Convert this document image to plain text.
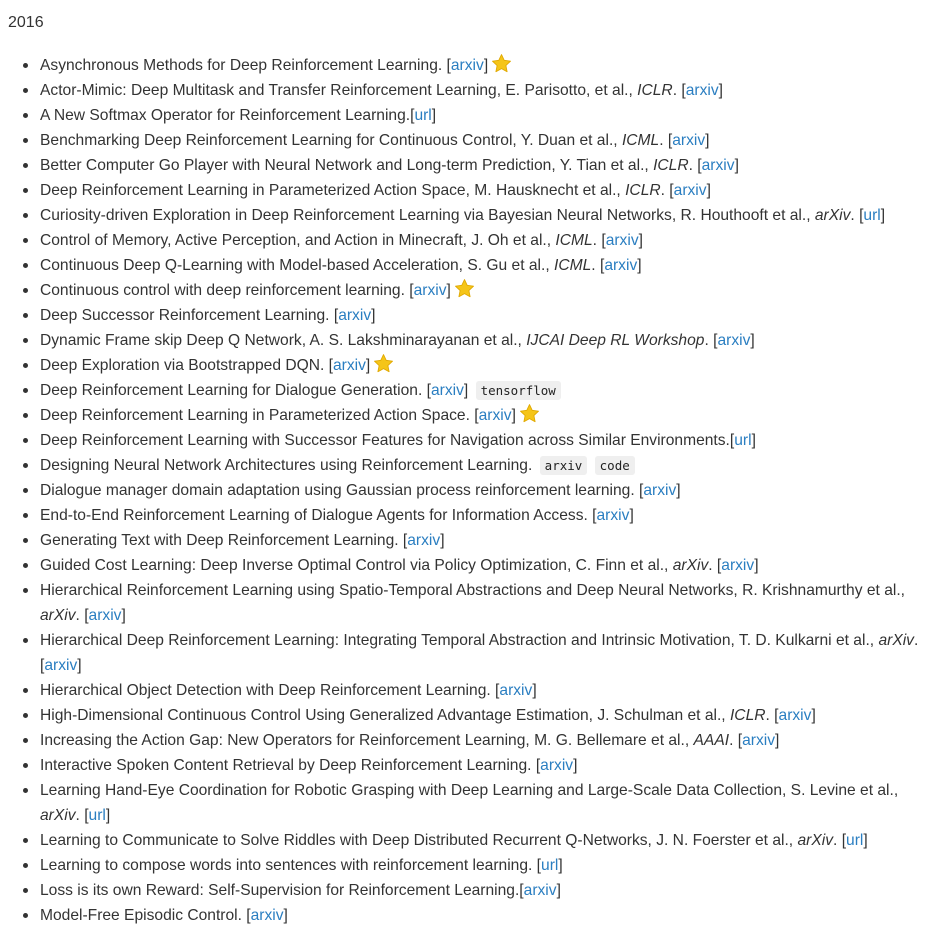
2016
Asynchronous Methods for Deep Reinforcement Learning. [arxiv]
Actor-Mimic: Deep Multitask and Transfer Reinforcement Learning, E. Parisotto, et al., ICLR. [arxiv]
A New Softmax Operator for Reinforcement Learning.[url]
Benchmarking Deep Reinforcement Learning for Continuous Control, Y. Duan et al., ICML. [arxiv]
Better Computer Go Player with Neural Network and Long-term Prediction, Y. Tian et al., ICLR. [arxiv]
Deep Reinforcement Learning in Parameterized Action Space, M. Hausknecht et al., ICLR. [arxiv]
Curiosity-driven Exploration in Deep Reinforcement Learning via Bayesian Neural Networks, R. Houthooft et al., arXiv. [url]
Control of Memory, Active Perception, and Action in Minecraft, J. Oh et al., ICML. [arxiv]
Continuous Deep Q-Learning with Model-based Acceleration, S. Gu et al., ICML. [arxiv]
Continuous control with deep reinforcement learning. [arxiv]
Deep Successor Reinforcement Learning. [arxiv]
Dynamic Frame skip Deep Q Network, A. S. Lakshminarayanan et al., IJCAI Deep RL Workshop. [arxiv]
Deep Exploration via Bootstrapped DQN. [arxiv]
Deep Reinforcement Learning for Dialogue Generation. [arxiv] tensorflow
Deep Reinforcement Learning in Parameterized Action Space. [arxiv]
Deep Reinforcement Learning with Successor Features for Navigation across Similar Environments.[url]
Designing Neural Network Architectures using Reinforcement Learning. arxiv code
Dialogue manager domain adaptation using Gaussian process reinforcement learning. [arxiv]
End-to-End Reinforcement Learning of Dialogue Agents for Information Access. [arxiv]
Generating Text with Deep Reinforcement Learning. [arxiv]
Guided Cost Learning: Deep Inverse Optimal Control via Policy Optimization, C. Finn et al., arXiv. [arxiv]
Hierarchical Reinforcement Learning using Spatio-Temporal Abstractions and Deep Neural Networks, R. Krishnamurthy et al., arXiv. [arxiv]
Hierarchical Deep Reinforcement Learning: Integrating Temporal Abstraction and Intrinsic Motivation, T. D. Kulkarni et al., arXiv. [arxiv]
Hierarchical Object Detection with Deep Reinforcement Learning. [arxiv]
High-Dimensional Continuous Control Using Generalized Advantage Estimation, J. Schulman et al., ICLR. [arxiv]
Increasing the Action Gap: New Operators for Reinforcement Learning, M. G. Bellemare et al., AAAI. [arxiv]
Interactive Spoken Content Retrieval by Deep Reinforcement Learning. [arxiv]
Learning Hand-Eye Coordination for Robotic Grasping with Deep Learning and Large-Scale Data Collection, S. Levine et al., arXiv. [url]
Learning to Communicate to Solve Riddles with Deep Distributed Recurrent Q-Networks, J. N. Foerster et al., arXiv. [url]
Learning to compose words into sentences with reinforcement learning. [url]
Loss is its own Reward: Self-Supervision for Reinforcement Learning.[arxiv]
Model-Free Episodic Control. [arxiv]
